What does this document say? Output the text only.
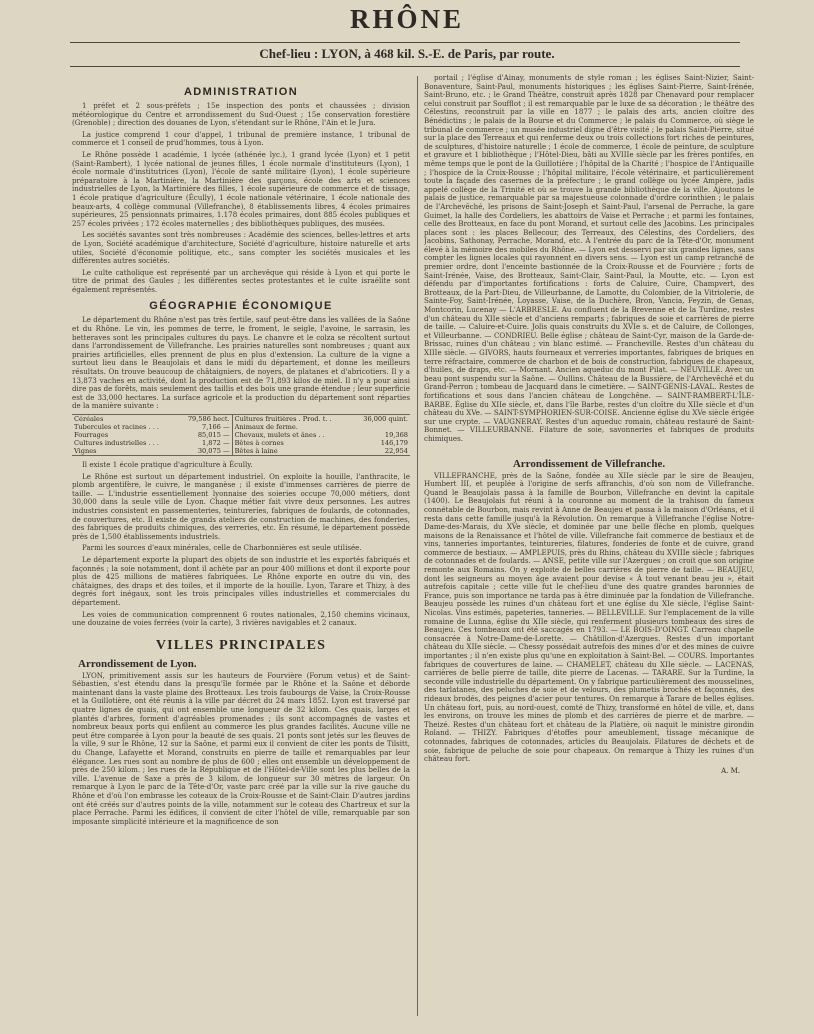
RHÔNE
Chef-lieu : LYON, à 468 kil. S.-E. de Paris, par route.
ADMINISTRATION

1 préfet et 2 sous-préfets ; 15e inspection des ponts et chaussées ; division météorologique du Centre et arrondissement du Sud-Ouest ; 15e conservation forestière (Grenoble) ; direction des douanes de Lyon, s'étendant sur le Rhône, l'Ain et le Jura.

La justice comprend 1 cour d'appel, 1 tribunal de première instance, 1 tribunal de commerce et 1 conseil de prud'hommes, tous à Lyon.

Le Rhône possède 1 académie, 1 lycée (athénée lyc.), 1 grand lycée (Lyon) et 1 petit (Saint-Rambert), 1 lycée national de jeunes filles, 1 école normale d'instituteurs (Lyon), 1 école normale d'institutrices (Lyon), l'école de santé militaire (Lyon), 1 école supérieure préparatoire à la Martinière, la Martinière des garçons, école des arts et sciences industrielles de Lyon, la Martinière des filles, 1 école supérieure de commerce et de tissage, 1 école pratique d'agriculture (Écully), 1 école nationale vétérinaire, 1 école nationale des beaux-arts, 4 collège communal (Villefranche), 8 établissements libres, 4 écoles primaires supérieures, 25 pensionnats primaires, 1.178 écoles primaires, dont 885 écoles publiques et 257 écoles privées ; 172 écoles maternelles ; des bibliothèques publiques, des musées.

Les sociétés savantes sont très nombreuses : Académie des sciences, belles-lettres et arts de Lyon, Société académique d'architecture, Société d'agriculture, histoire naturelle et arts utiles, Société d'économie politique, etc., sans compter les sociétés musicales et les différentes autres sociétés.

Le culte catholique est représenté par un archevêque qui réside à Lyon et qui porte le titre de primat des Gaules ; les différentes sectes protestantes et le culte israélite sont également représentés.

GÉOGRAPHIE ÉCONOMIQUE

Le département du Rhône n'est pas très fertile, sauf peut-être dans les vallées de la Saône et du Rhône. Le vin, les pommes de terre, le froment, le seigle, l'avoine, le sarrasin, les betteraves sont les principales cultures du pays. Le chanvre et le colza se récoltent surtout dans l'arrondissement de Villefranche. Les prairies naturelles sont nombreuses ; quant aux prairies artificielles, elles prennent de plus en plus d'extension. La culture de la vigne a surtout lieu dans le Beaujolais et dans le midi du département, et donne les meilleurs résultats. On trouve beaucoup de châtaigniers, de noyers, de platanes et d'abricotiers. Il y a 13,873 vaches en activité, dont la production est de 71,893 kilos de miel. Il n'y a pour ainsi dire pas de forêts, mais seulement des taillis et des bois une grande étendue ; leur superficie est de 33,000 hectares. La surface agricole et la production du département sont réparties de la manière suivante :

Céréales	79,586 hect.	Cultures fruitières . Prod. t. .	36,000 quint.
Tubercules et racines . . .	7,166 —	Animaux de ferme.	
Fourrages	85,015 —	Chevaux, mulets et ânes . .	19,368
Cultures industrielles . . .	1,872 —	Bêtes à cornes	146,179
Vignes	30,075 —	Bêtes à laine	22,954

Il existe 1 école pratique d'agriculture à Écully.

Le Rhône est surtout un département industriel. On exploite la houille, l'anthracite, le plomb argentifère, le cuivre, le manganèse ; il existe d'immenses carrières de pierre de taille. — L'industrie essentiellement lyonnaise des soieries occupe 70,000 métiers, dont 30,000 dans la seule ville de Lyon. Chaque métier fait vivre deux personnes. Les autres industries consistent en passementeries, teintureries, fabriques de foulards, de cotonnades, de couvertures, etc. Il existe de grands ateliers de construction de machines, des fonderies, des fabriques de produits chimiques, des verreries, etc. En résumé, le département possède près de 1,500 établissements industriels.

Parmi les sources d'eaux minérales, celle de Charbonnières est seule utilisée.

Le département exporte la plupart des objets de son industrie et les exportés fabriqués et façonnés ; la soie notamment, dont il achète par an pour 400 millions et dont il exporte pour plus de 425 millions de matières fabriquées. Le Rhône exporte en outre du vin, des châtaignes, des draps et des toiles, et il importe de la houille. Lyon, Tarare et Thizy, à des degrés fort inégaux, sont les trois principales villes industrielles et commerciales du département.

Les voies de communication comprennent 6 routes nationales, 2,150 chemins vicinaux, une douzaine de voies ferrées (voir la carte), 3 rivières navigables et 2 canaux.

VILLES PRINCIPALES
Arrondissement de Lyon.

LYON, primitivement assis sur les hauteurs de Fourvière (Forum vetus) et de Saint-Sébastien, s'est étendu dans la presqu'île formée par le Rhône et la Saône et déborde maintenant dans la vaste plaine des Brotteaux. Les trois faubourgs de Vaise, la Croix-Rousse et la Guillotière, ont été réunis à la ville par décret du 24 mars 1852. Lyon est traversé par quatre lignes de quais, qui ont ensemble une longueur de 32 kilom. Ces quais, larges et plantés d'arbres, forment d'agréables promenades ; ils sont accompagnés de vastes et nombreux beaux ports qui enfilent au commerce les plus grandes facilités. Aucune ville ne peut être comparée à Lyon pour la beauté de ses quais. 21 ponts sont jetés sur les fleuves de la ville, 9 sur le Rhône, 12 sur la Saône, et parmi eux il convient de citer les ponts de Tilsitt, du Change, Lafayette et Morand, construits en pierre de taille et remarquables par leur élégance. Les rues sont au nombre de plus de 600 ; elles ont ensemble un développement de près de 250 kilom. ; les rues de la République et de l'Hôtel-de-Ville sont les plus belles de la ville. L'avenue de Saxe a près de 3 kilom. de longueur sur 30 mètres de largeur. On remarque à Lyon le parc de la Tête-d'Or, vaste parc créé par la ville sur la rive gauche du Rhône et d'où l'on embrasse les coteaux de la Croix-Rousse et de Saint-Clair. D'autres jardins ont été créés sur d'autres points de la ville, notamment sur le coteau des Chartreux et sur la place Perrache. Parmi les édifices, il convient de citer l'hôtel de ville, remarquable par son imposante simplicité intérieure et la magnificence de son

portail ; l'église d'Ainay, monuments de style roman ; les églises Saint-Nizier, Saint-Bonaventure, Saint-Paul, monuments historiques ; les églises Saint-Pierre, Saint-Irénée, Saint-Bruno, etc. ; le Grand Théâtre, construit après 1828 par Chenavard pour remplacer celui construit par Soufflot ; il est remarquable par le luxe de sa décoration ; le théâtre des Célestins, reconstruit par la ville en 1877 ; le palais des arts, ancien cloître des Bénédictins ; le palais de la Bourse et du Commerce ; le palais du Commerce, où siège le tribunal de commerce ; un musée industriel digne d'être visité ; le palais Saint-Pierre, situé sur la place des Terreaux et qui renferme deux ou trois collections fort riches de peintures, de sculptures, d'histoire naturelle ; 1 école de commerce, 1 école de peinture, de sculpture et gravure et 1 bibliothèque ; l'Hôtel-Dieu, bâti au XVIIIe siècle par les frères pontifes, en même temps que le pont de la Guillotière ; l'hôpital de la Charité ; l'hospice de l'Antiquaille ; l'hospice de la Croix-Rousse ; l'hôpital militaire, l'école vétérinaire, et particulièrement toute la façade des casernes de la préfecture ; le grand collège ou lycée Ampère, jadis appelé collège de la Trinité et où se trouve la grande bibliothèque de la ville. Ajoutons le palais de justice, remarquable par sa majestueuse colonnade d'ordre corinthien ; le palais de l'Archevêché, les prisons de Saint-Joseph et Saint-Paul, l'arsenal de Perrache, la gare Guimet, la halle des Cordeliers, les abattoirs de Vaise et Perrache ; et parmi les fontaines, celle des Brotteaux, en face du pont Morand, et surtout celle des Jacobins. Les principales places sont : les places Bellecour, des Terreaux, des Célestins, des Cordeliers, des Jacobins, Sathonay, Perrache, Morand, etc. À l'entrée du parc de la Tête-d'Or, monument élevé à la mémoire des mobiles du Rhône. — Lyon est desservi par six grandes lignes, sans compter les lignes locales qui rayonnent en divers sens. — Lyon est un camp retranché de premier ordre, dont l'enceinte bastionnée de la Croix-Rousse et de Fourvière ; forts de Saint-Irénée, Vaise, des Brotteaux, Saint-Clair, Saint-Paul, la Moutte, etc. — Lyon est défendu par d'importantes fortifications : forts de Caluire, Cuire, Champvert, des Brotteaux, de la Part-Dieu, de Villeurbanne, de Lamotte, du Colombier, de la Vitriolerie, de Sainte-Foy, Saint-Irénée, Loyasse, Vaise, de la Duchère, Bron, Vancia, Feyzin, de Genas, Montcorin, Lucenay — L'ARBRESLE. Au confluent de la Brevenne et de la Turdine, restes d'un château du XIIe siècle et d'anciens remparts ; fabriques de soie et carrières de pierre de taille. — Caluire-et-Cuire. Jolis quais construits du XVIe s. et de Caluire, de Collonges, et Villeurbanne. — CONDRIEU. Belle église ; château de Saint-Cyr, maison de la Garde-de-Brissac, ruines d'un château ; vin blanc estimé. — Francheville. Restes d'un château du XIIIe siècle. — GIVORS, hauts fourneaux et verreries importantes, fabriques de briques en terre réfractaire, commerce de charbon et de bois de construction, fabriques de chapeaux, d'huiles, de draps, etc. — Mornant. Ancien aqueduc du mont Pilat. — NEUVILLE. Avec un beau pont suspendu sur la Saône. — Oullins. Château de la Bussière, de l'Archevêché et du Grand-Perron ; tombeau de Jacquard dans le cimetière. — SAINT-GENIS-LAVAL. Restes de fortifications et sous dans l'ancien château de Longchêne. — SAINT-RAMBERT-L'ÎLE-BARBE. Église du XIIe siècle, et, dans l'île Barbe, restes d'un cloître du XIIe siècle et d'un château du XVe. — SAINT-SYMPHORIEN-SUR-COISE. Ancienne église du XVe siècle érigée sur une crypte. — VAUGNERAY. Restes d'un aqueduc romain, château restauré de Saint-Bonnet. — VILLEURBANNE. Filature de soie, savonneries et fabriques de produits chimiques.

Arrondissement de Villefranche.

VILLEFRANCHE, près de la Saône, fondée au XIIe siècle par le sire de Beaujeu, Humbert III, et peuplée à l'origine de serfs affranchis, d'où son nom de Villefranche. Quand le Beaujolais passa à la famille de Bourbon, Villefranche en devint la capitale (1400). Le Beaujolais fut réuni à la couronne au moment de la trahison du fameux connétable de Bourbon, mais revint à Anne de Beaujeu et passa à la maison d'Orléans, et il resta dans cette famille jusqu'à la Révolution. On remarque à Villefranche l'église Notre-Dame-des-Marais, du XVe siècle, et dominée par une belle flèche en plomb, quelques maisons de la Renaissance et l'hôtel de ville. Villefranche fait commerce de bestiaux et de vins, tanneries importantes, teintureries, filatures, fonderies de fonte et de cuivre, grand commerce de bestiaux. — AMPLEPUIS, près du Rhins, château du XVIIIe siècle ; fabriques de cotonnades et de foulards. — ANSE, petite ville sur l'Azergues ; on croit que son origine remonte aux Romains. On y exploite de belles carrières de pierre de taille. — BEAUJEU, dont les seigneurs au moyen âge avaient pour devise « À tout venant beau jeu », était autrefois capitale ; cette ville fut le chef-lieu d'une des quatre grandes baronnies de France, puis son importance ne tarda pas à être diminuée par la fondation de Villefranche. Beaujeu possède les ruines d'un château fort et une église du XIe siècle, l'église Saint-Nicolas. Vins estimés, papeteries, tanneries. — BELLEVILLE. Sur l'emplacement de la ville romaine de Lunna, église du XIIe siècle, qui renferment plusieurs tombeaux des sires de Beaujeu. Ces tombeaux ont été saccagés en 1793. — LE BOIS-D'OINGT. Carreau chapelle consacrée à Notre-Dame-de-Lorette. — Châtillon-d'Azergues. Restes d'un important château du XIIe siècle. — Chessy possédait autrefois des mines d'or et des mines de cuivre importantes ; il n'en existe plus qu'une en exploitation à Saint-Bel. — COURS. Importantes fabriques de couvertures de laine. — CHAMELET, château du XIIe siècle. — LACENAS, carrières de belle pierre de taille, dite pierre de Lacenas. — TARARE. Sur la Turdine, la seconde ville industrielle du département. On y fabrique particulièrement des mousselines, des tarlatanes, des peluches de soie et de velours, des plumetis brochés et façonnés, des rideaux brodés, des peignes d'acier pour tentures. On remarque à Tarare de belles églises. Un château fort, puis, au nord-ouest, comté de Thizy, transformé en hôtel de ville, et, dans les environs, on trouve les mines de plomb et des carrières de pierre et de marbre. — Theizé. Restes d'un château fort et château de la Platière, où naquit le ministre girondin Roland. — THIZY. Fabriques d'étoffes pour ameublement, tissage mécanique de cotonnades, fabriques de cotonnades, articles du Beaujolais. Filatures de déchets et de soie, fabrique de peluche de soie pour chapeaux. On remarque à Thizy les ruines d'un château fort.

A. M.
